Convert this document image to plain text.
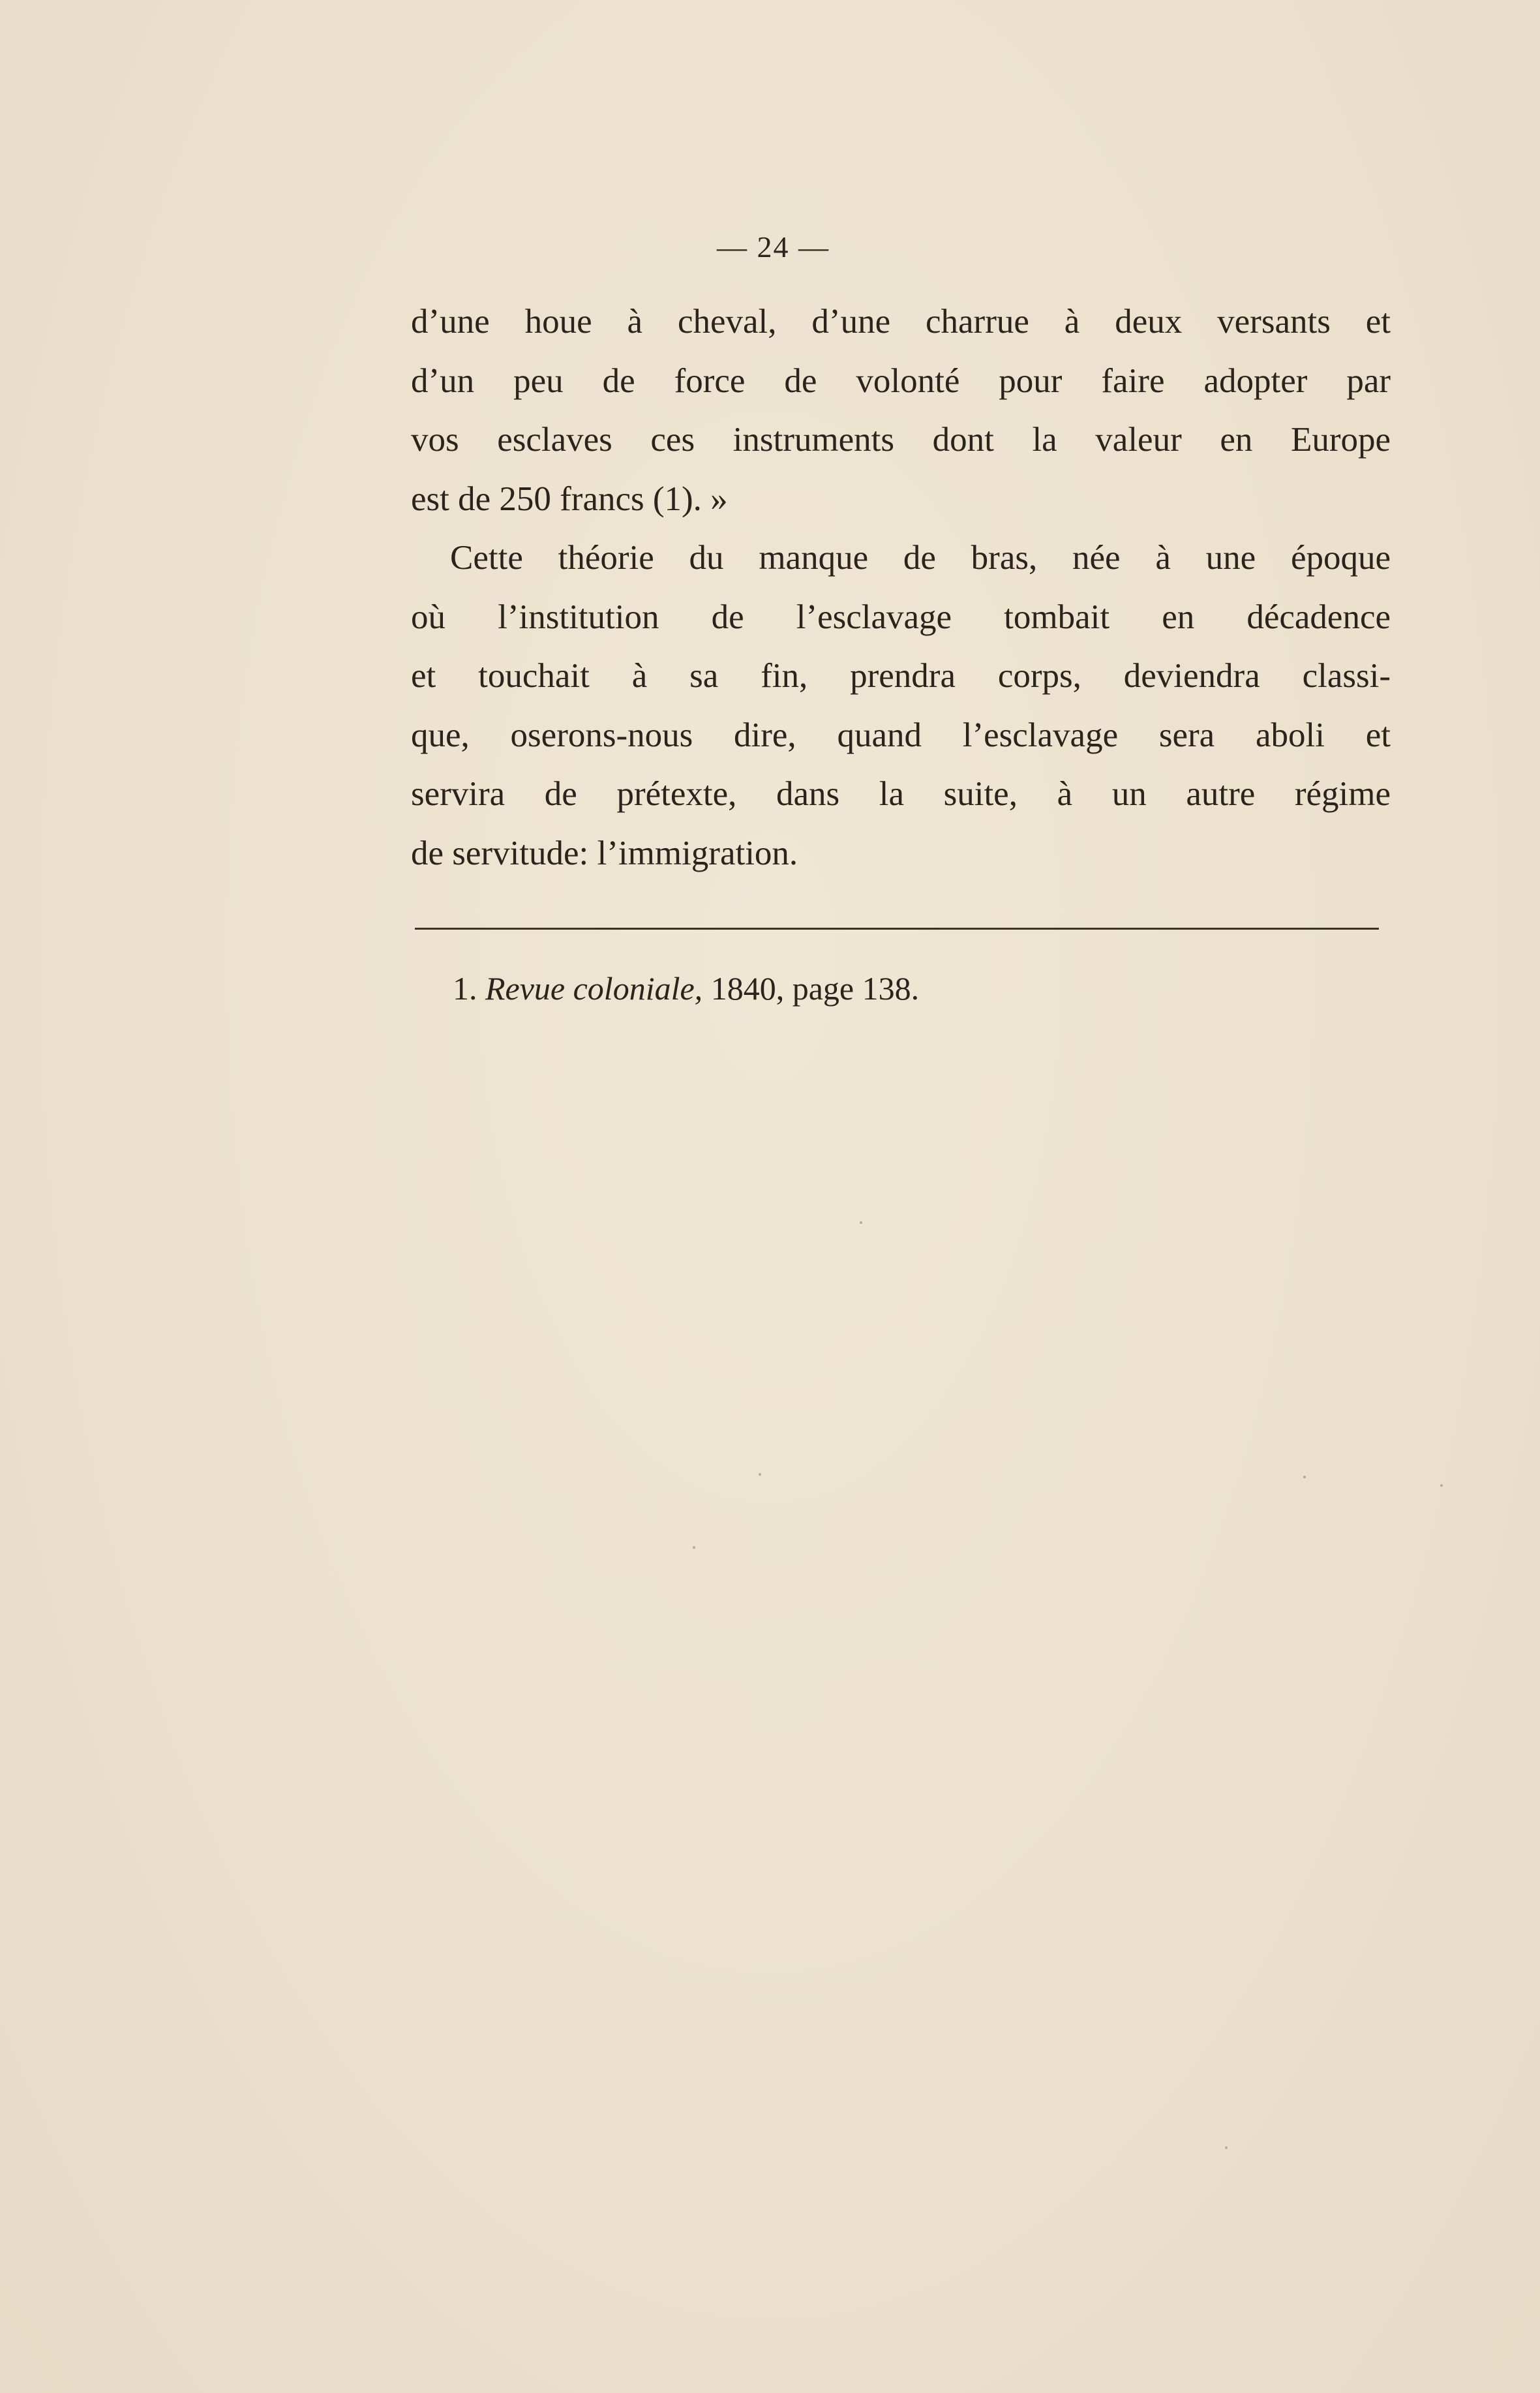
— 24 —
d’une houe à cheval, d’une charrue à deux versants et
d’un peu de force de volonté pour faire adopter par
vos esclaves ces instruments dont la valeur en Europe
est de 250 francs (1). »
Cette théorie du manque de bras, née à une époque
où l’institution de l’esclavage tombait en décadence
et touchait à sa fin, prendra corps, deviendra classi-
que, oserons-nous dire, quand l’esclavage sera aboli et
servira de prétexte, dans la suite, à un autre régime
de servitude: l’immigration.
1. Revue coloniale, 1840, page 138.
